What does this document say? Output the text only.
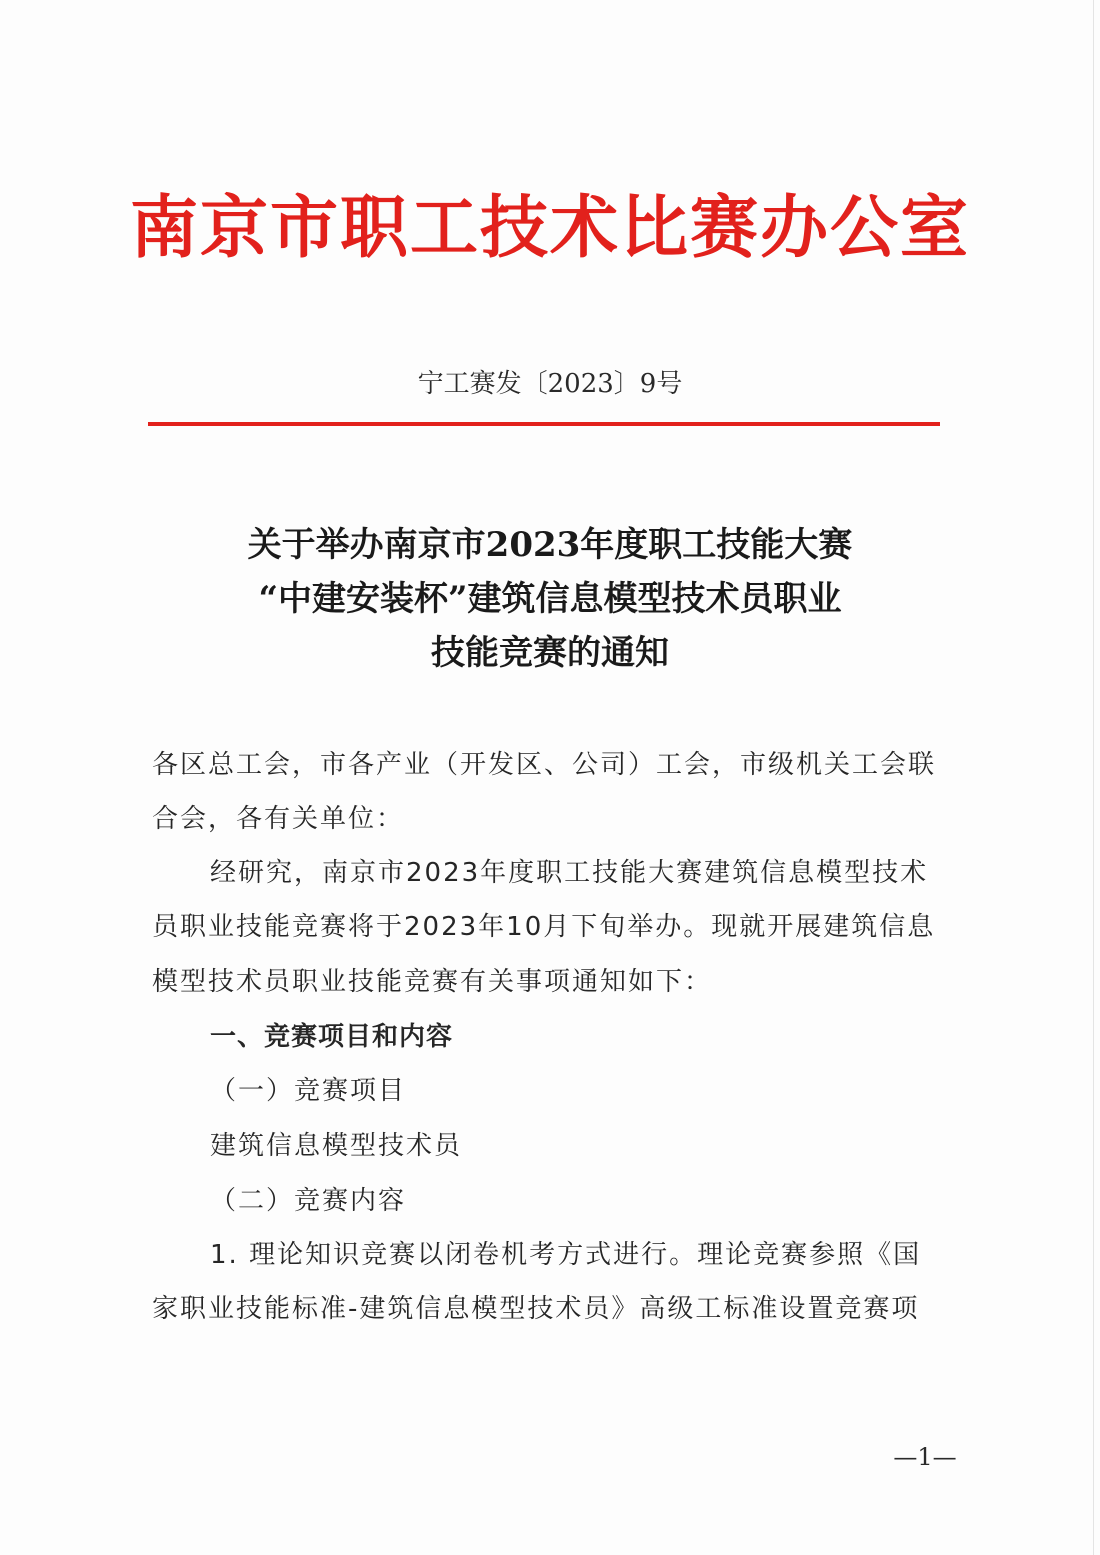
南京市职工技术比赛办公室
宁工赛发〔2023〕9号
关于举办南京市2023年度职工技能大赛
“中建安装杯”建筑信息模型技术员职业
技能竞赛的通知
各区总工会，市各产业（开发区、公司）工会，市级机关工会联
合会，各有关单位：
经研究，南京市2023年度职工技能大赛建筑信息模型技术
员职业技能竞赛将于2023年10月下旬举办。现就开展建筑信息
模型技术员职业技能竞赛有关事项通知如下：
一、竞赛项目和内容
（一）竞赛项目
建筑信息模型技术员
（二）竞赛内容
1. 理论知识竞赛以闭卷机考方式进行。理论竞赛参照《国
家职业技能标准-建筑信息模型技术员》高级工标准设置竞赛项
—1—
